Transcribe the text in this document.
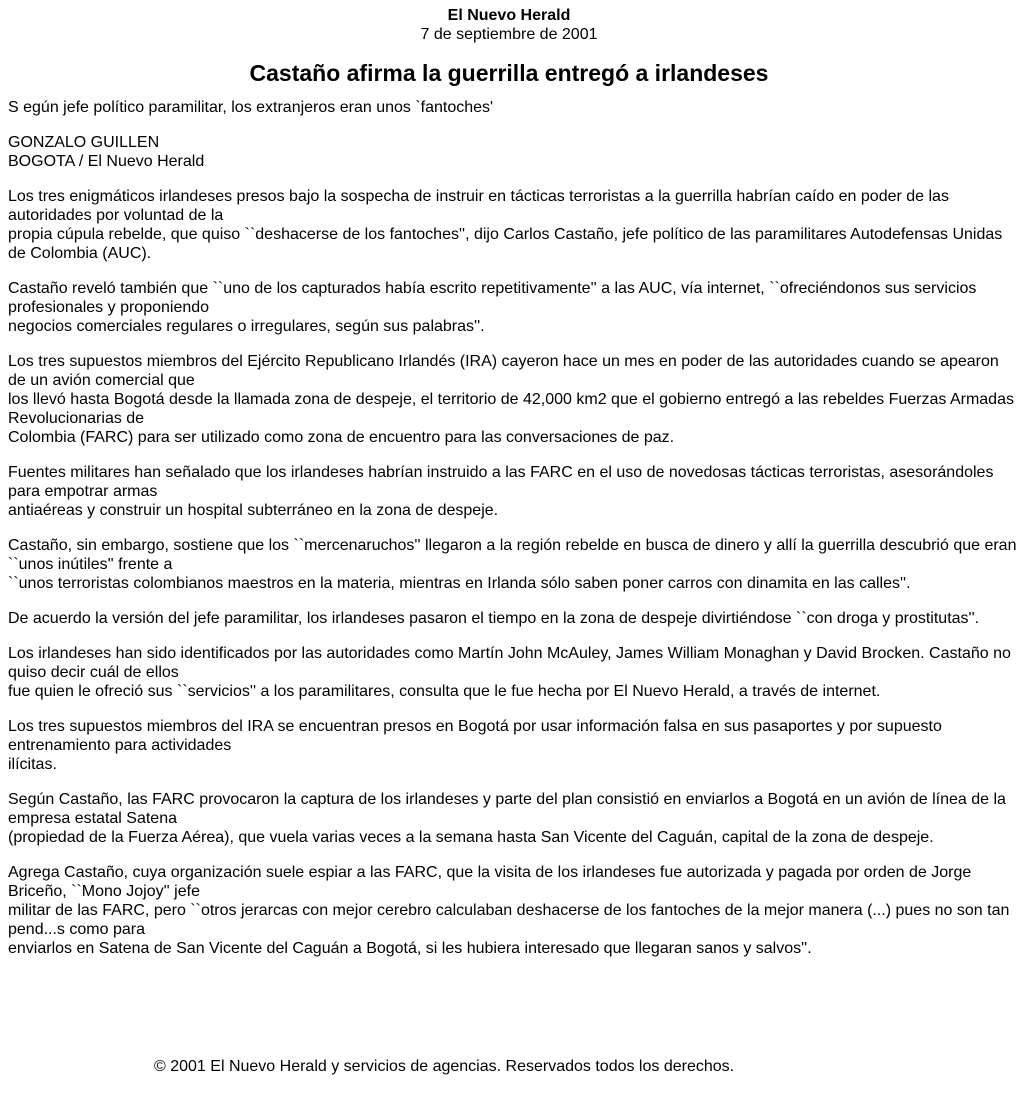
El Nuevo Herald
7 de septiembre de 2001
Castaño afirma la guerrilla entregó a irlandeses

S egún jefe político paramilitar, los extranjeros eran unos `fantoches'

GONZALO GUILLEN
BOGOTA / El Nuevo Herald

Los tres enigmáticos irlandeses presos bajo la sospecha de instruir en tácticas terroristas a la guerrilla habrían caído en poder de las autoridades por voluntad de la
propia cúpula rebelde, que quiso ``deshacerse de los fantoches'', dijo Carlos Castaño, jefe político de las paramilitares Autodefensas Unidas de Colombia (AUC).

Castaño reveló también que ``uno de los capturados había escrito repetitivamente'' a las AUC, vía internet, ``ofreciéndonos sus servicios profesionales y proponiendo
negocios comerciales regulares o irregulares, según sus palabras''.

Los tres supuestos miembros del Ejército Republicano Irlandés (IRA) cayeron hace un mes en poder de las autoridades cuando se apearon de un avión comercial que
los llevó hasta Bogotá desde la llamada zona de despeje, el territorio de 42,000 km2 que el gobierno entregó a las rebeldes Fuerzas Armadas Revolucionarias de
Colombia (FARC) para ser utilizado como zona de encuentro para las conversaciones de paz.

Fuentes militares han señalado que los irlandeses habrían instruido a las FARC en el uso de novedosas tácticas terroristas, asesorándoles para empotrar armas
antiaéreas y construir un hospital subterráneo en la zona de despeje.

Castaño, sin embargo, sostiene que los ``mercenaruchos'' llegaron a la región rebelde en busca de dinero y allí la guerrilla descubrió que eran ``unos inútiles'' frente a
``unos terroristas colombianos maestros en la materia, mientras en Irlanda sólo saben poner carros con dinamita en las calles''.

De acuerdo la versión del jefe paramilitar, los irlandeses pasaron el tiempo en la zona de despeje divirtiéndose ``con droga y prostitutas''.

Los irlandeses han sido identificados por las autoridades como Martín John McAuley, James William Monaghan y David Brocken. Castaño no quiso decir cuál de ellos
fue quien le ofreció sus ``servicios'' a los paramilitares, consulta que le fue hecha por El Nuevo Herald, a través de internet.

Los tres supuestos miembros del IRA se encuentran presos en Bogotá por usar información falsa en sus pasaportes y por supuesto entrenamiento para actividades
ilícitas.

Según Castaño, las FARC provocaron la captura de los irlandeses y parte del plan consistió en enviarlos a Bogotá en un avión de línea de la empresa estatal Satena
(propiedad de la Fuerza Aérea), que vuela varias veces a la semana hasta San Vicente del Caguán, capital de la zona de despeje.

Agrega Castaño, cuya organización suele espiar a las FARC, que la visita de los irlandeses fue autorizada y pagada por orden de Jorge Briceño, ``Mono Jojoy'' jefe
militar de las FARC, pero ``otros jerarcas con mejor cerebro calculaban deshacerse de los fantoches de la mejor manera (...) pues no son tan pend...s como para
enviarlos en Satena de San Vicente del Caguán a Bogotá, si les hubiera interesado que llegaran sanos y salvos''.

© 2001 El Nuevo Herald y servicios de agencias. Reservados todos los derechos.
